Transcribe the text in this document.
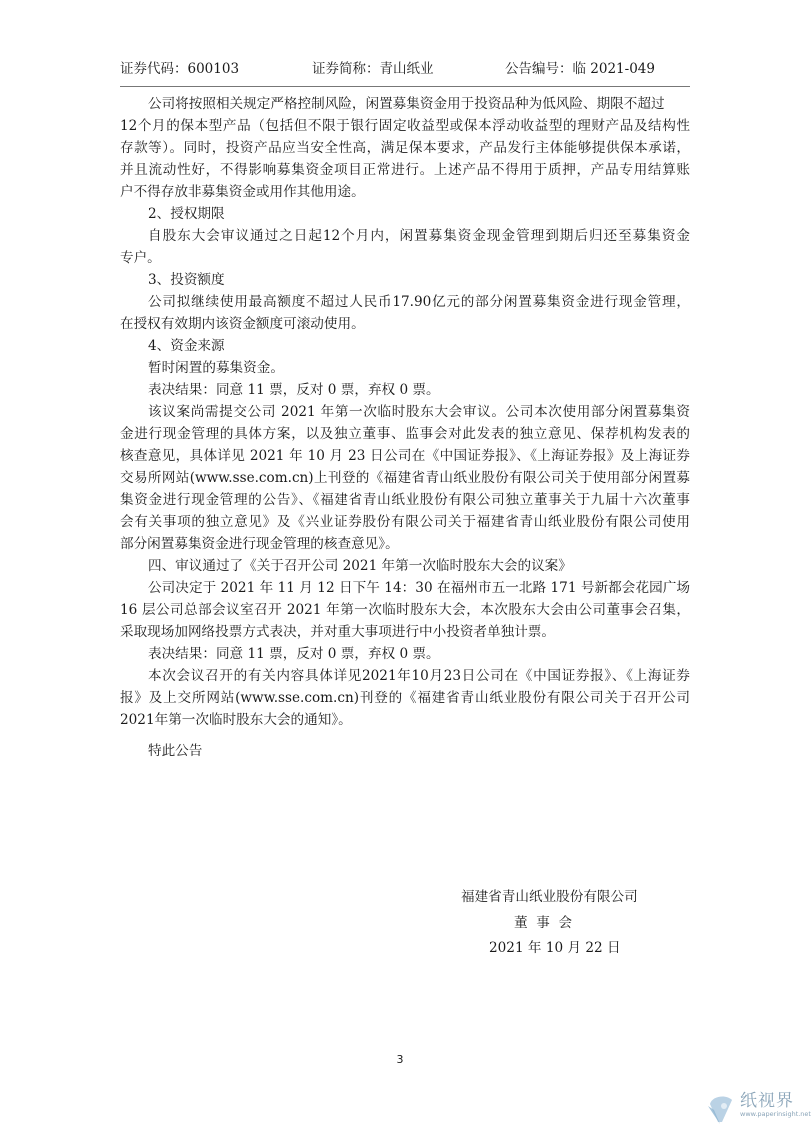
证券代码：600103	证券简称：青山纸业	公告编号：临 2021-049
公司将按照相关规定严格控制风险，闲置募集资金用于投资品种为低风险、期限不超过
12个月的保本型产品（包括但不限于银行固定收益型或保本浮动收益型的理财产品及结构性
存款等）。同时，投资产品应当安全性高，满足保本要求，产品发行主体能够提供保本承诺，
并且流动性好，不得影响募集资金项目正常进行。上述产品不得用于质押，产品专用结算账
户不得存放非募集资金或用作其他用途。
2、授权期限
自股东大会审议通过之日起12个月内，闲置募集资金现金管理到期后归还至募集资金
专户。
3、投资额度
公司拟继续使用最高额度不超过人民币17.90亿元的部分闲置募集资金进行现金管理，
在授权有效期内该资金额度可滚动使用。
4、资金来源
暂时闲置的募集资金。
表决结果：同意 11 票，反对 0 票，弃权 0 票。
该议案尚需提交公司 2021 年第一次临时股东大会审议。公司本次使用部分闲置募集资
金进行现金管理的具体方案，以及独立董事、监事会对此发表的独立意见、保荐机构发表的
核查意见，具体详见 2021 年 10 月 23 日公司在《中国证券报》、《上海证券报》及上海证券
交易所网站(www.sse.com.cn)上刊登的《福建省青山纸业股份有限公司关于使用部分闲置募
集资金进行现金管理的公告》、《福建省青山纸业股份有限公司独立董事关于九届十六次董事
会有关事项的独立意见》及《兴业证券股份有限公司关于福建省青山纸业股份有限公司使用
部分闲置募集资金进行现金管理的核查意见》。
四、审议通过了《关于召开公司 2021 年第一次临时股东大会的议案》
公司决定于 2021 年 11 月 12 日下午 14：30 在福州市五一北路 171 号新都会花园广场
16 层公司总部会议室召开 2021 年第一次临时股东大会，本次股东大会由公司董事会召集，
采取现场加网络投票方式表决，并对重大事项进行中小投资者单独计票。
表决结果：同意 11 票，反对 0 票，弃权 0 票。
本次会议召开的有关内容具体详见2021年10月23日公司在《中国证券报》、《上海证券
报》及上交所网站(www.sse.com.cn)刊登的《福建省青山纸业股份有限公司关于召开公司
2021年第一次临时股东大会的通知》。
特此公告
福建省青山纸业股份有限公司
董  事  会
2021 年 10 月 22 日
3
纸视界
www.paperinsight.net
